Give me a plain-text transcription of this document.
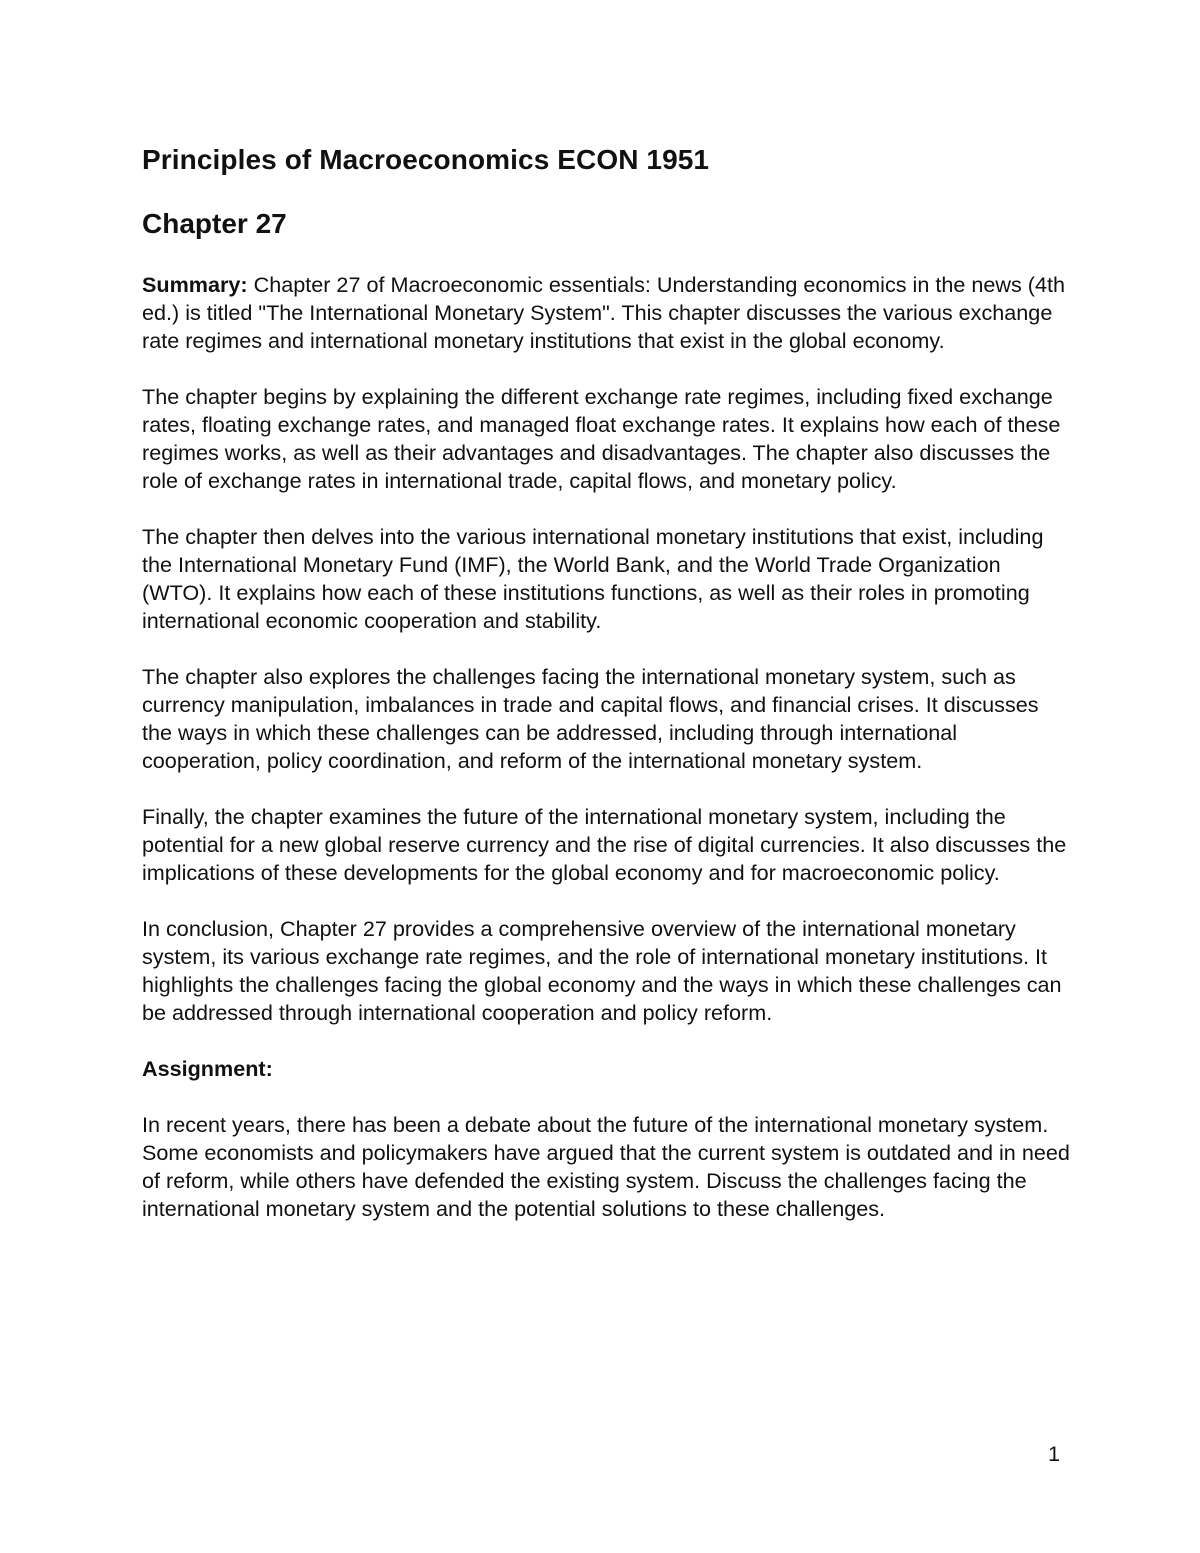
Principles of Macroeconomics ECON 1951
Chapter 27

Summary: Chapter 27 of Macroeconomic essentials: Understanding economics in the news (4th ed.) is titled "The International Monetary System". This chapter discusses the various exchange rate regimes and international monetary institutions that exist in the global economy.

The chapter begins by explaining the different exchange rate regimes, including fixed exchange rates, floating exchange rates, and managed float exchange rates. It explains how each of these regimes works, as well as their advantages and disadvantages. The chapter also discusses the role of exchange rates in international trade, capital flows, and monetary policy.

The chapter then delves into the various international monetary institutions that exist, including the International Monetary Fund (IMF), the World Bank, and the World Trade Organization (WTO). It explains how each of these institutions functions, as well as their roles in promoting international economic cooperation and stability.

The chapter also explores the challenges facing the international monetary system, such as currency manipulation, imbalances in trade and capital flows, and financial crises. It discusses the ways in which these challenges can be addressed, including through international cooperation, policy coordination, and reform of the international monetary system.

Finally, the chapter examines the future of the international monetary system, including the potential for a new global reserve currency and the rise of digital currencies. It also discusses the implications of these developments for the global economy and for macroeconomic policy.

In conclusion, Chapter 27 provides a comprehensive overview of the international monetary system, its various exchange rate regimes, and the role of international monetary institutions. It highlights the challenges facing the global economy and the ways in which these challenges can be addressed through international cooperation and policy reform.

Assignment:

In recent years, there has been a debate about the future of the international monetary system. Some economists and policymakers have argued that the current system is outdated and in need of reform, while others have defended the existing system. Discuss the challenges facing the international monetary system and the potential solutions to these challenges.

1
